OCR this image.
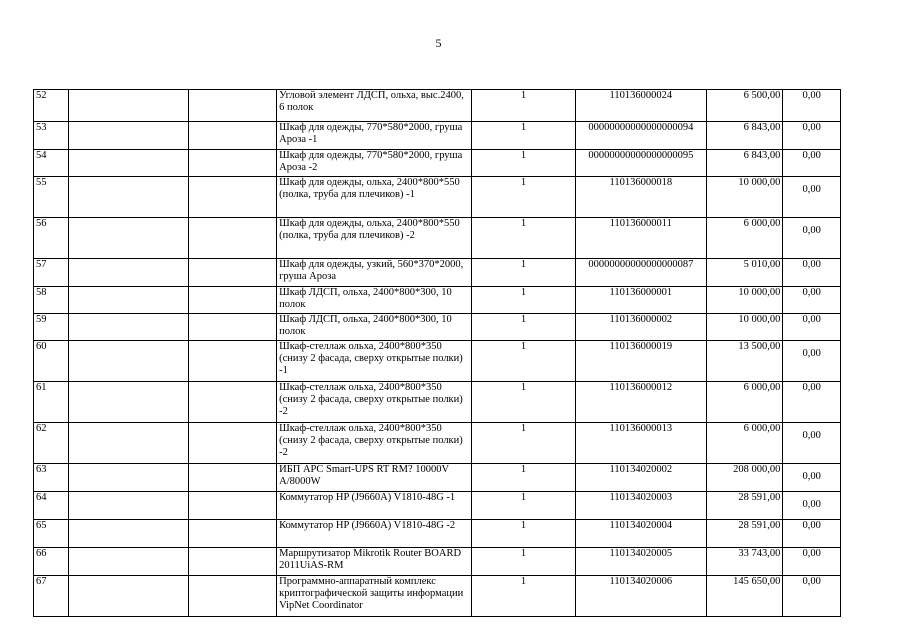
5
52			Угловой элемент ЛДСП, ольха, выс.2400, 6 полок	1	110136000024	6 500,00	0,00
53			Шкаф для одежды, 770*580*2000, груша Ароза -1	1	00000000000000000094	6 843,00	0,00
54			Шкаф для одежды, 770*580*2000, груша Ароза -2	1	00000000000000000095	6 843,00	0,00
55			Шкаф для одежды, ольха, 2400*800*550 (полка, труба для плечиков) -1	1	110136000018	10 000,00	0,00
56			Шкаф для одежды, ольха, 2400*800*550 (полка, труба для плечиков) -2	1	110136000011	6 000,00	0,00
57			Шкаф для одежды, узкий, 560*370*2000, груша Ароза	1	00000000000000000087	5 010,00	0,00
58			Шкаф ЛДСП, ольха, 2400*800*300, 10 полок	1	110136000001	10 000,00	0,00
59			Шкаф ЛДСП, ольха, 2400*800*300, 10 полок	1	110136000002	10 000,00	0,00
60			Шкаф-стеллаж ольха, 2400*800*350 (снизу 2 фасада, сверху открытые полки) -1	1	110136000019	13 500,00	0,00
61			Шкаф-стеллаж ольха, 2400*800*350 (снизу 2 фасада, сверху открытые полки) -2	1	110136000012	6 000,00	0,00
62			Шкаф-стеллаж ольха, 2400*800*350 (снизу 2 фасада, сверху открытые полки) -2	1	110136000013	6 000,00	0,00
63			ИБП APC Smart-UPS RT RM? 10000V A/8000W	1	110134020002	208 000,00	0,00
64			Коммутатор HP (J9660A) V1810-48G -1	1	110134020003	28 591,00	0,00
65			Коммутатор HP (J9660A) V1810-48G -2	1	110134020004	28 591,00	0,00
66			Маршрутизатор Mikrotik Router BOARD 2011UiAS-RM	1	110134020005	33 743,00	0,00
67			Программно-аппаратный комплекс криптографической защиты информации VipNet Coordinator	1	110134020006	145 650,00	0,00
